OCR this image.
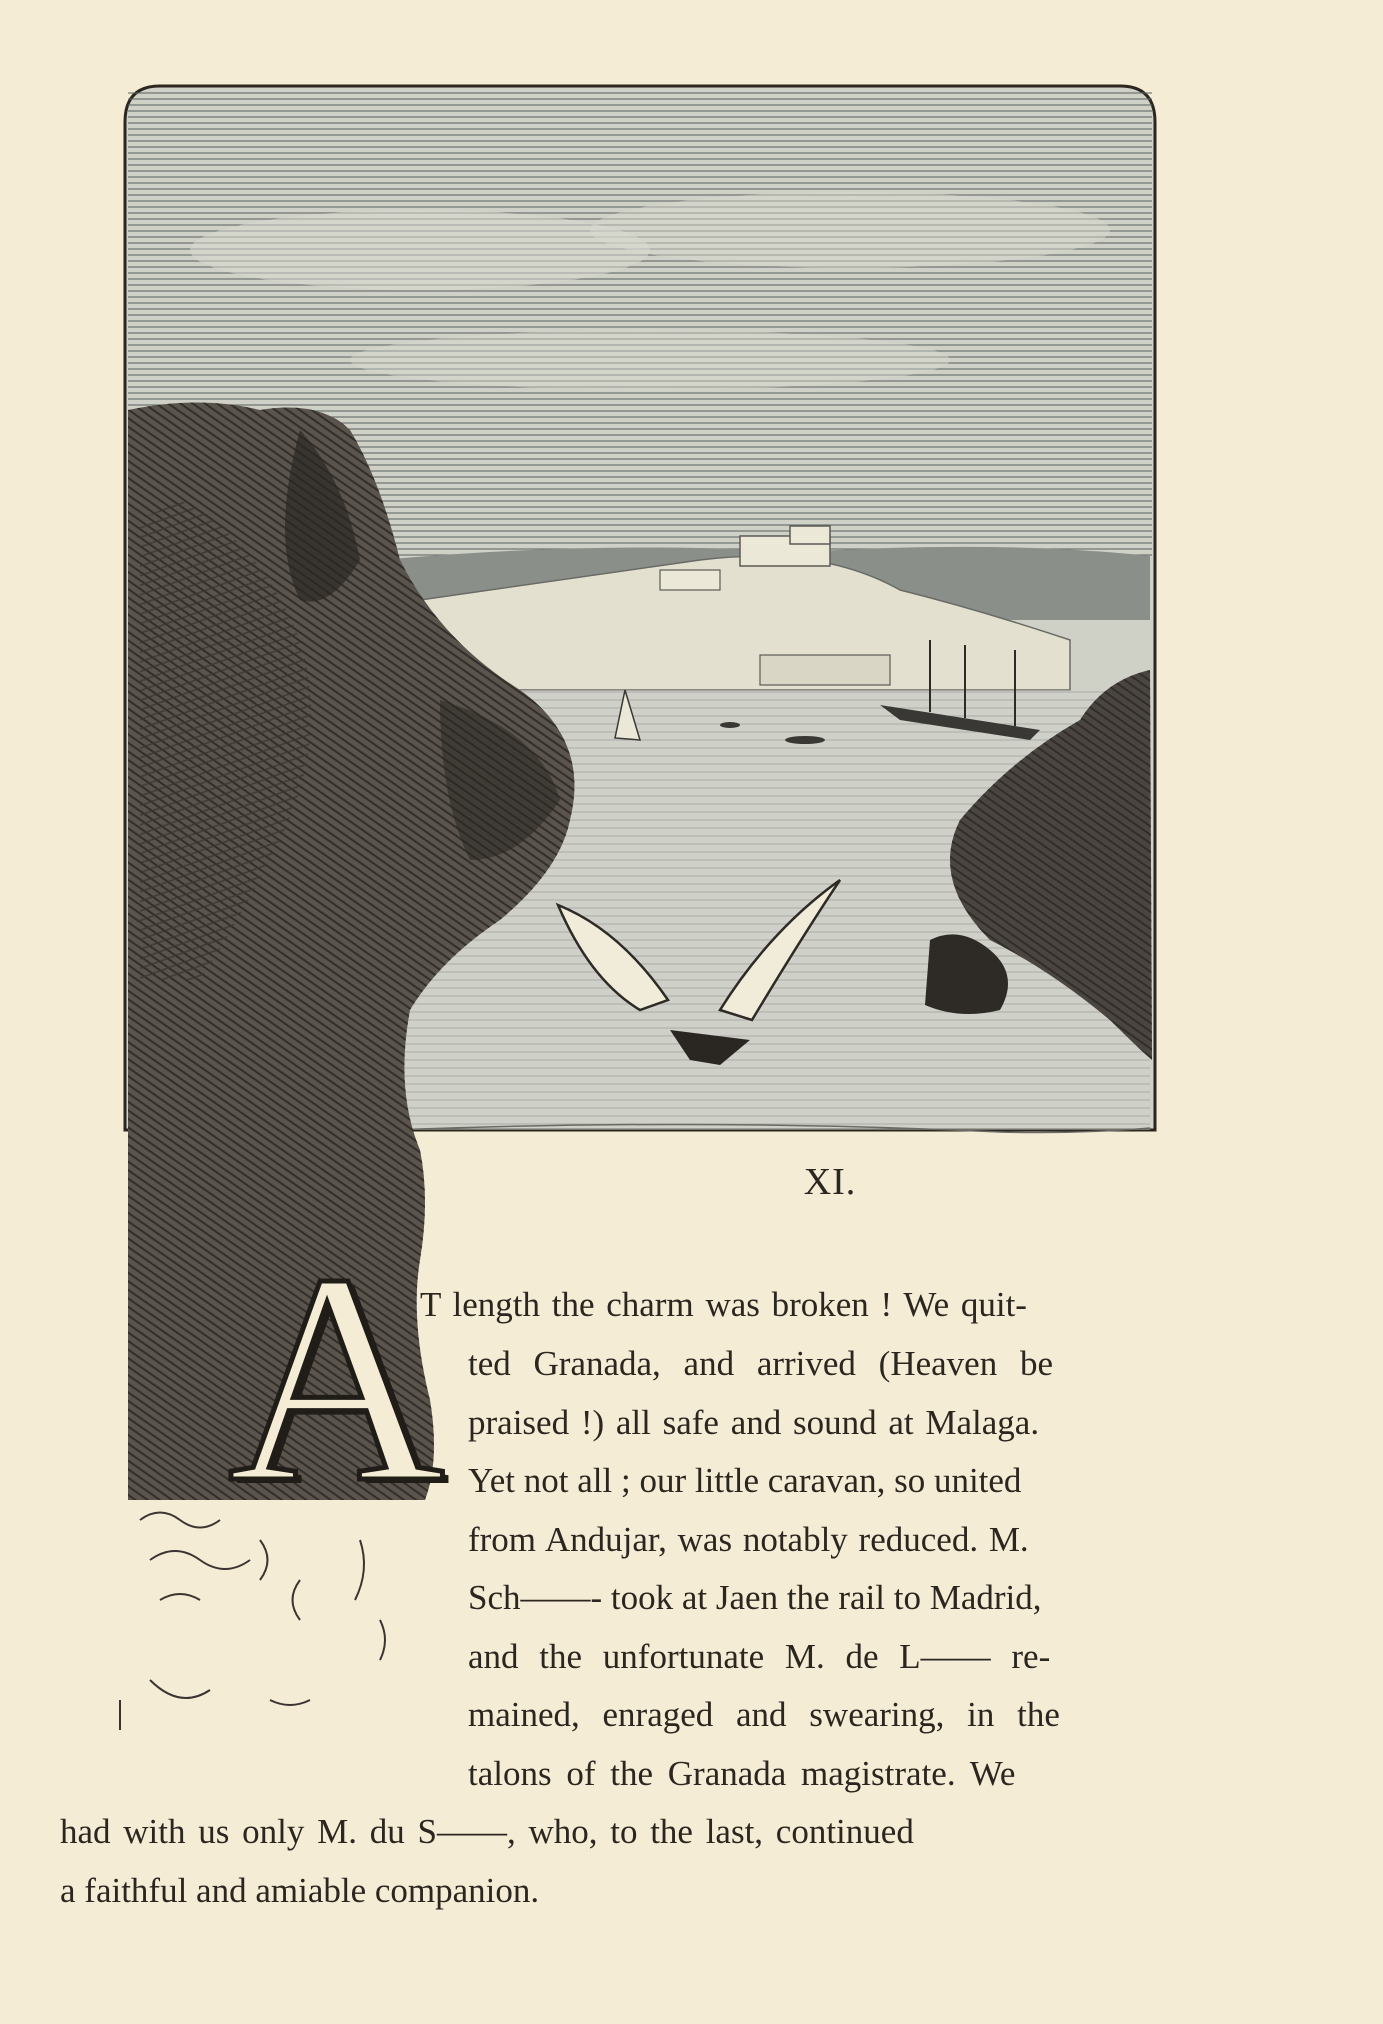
XI.
A
T length the charm was broken ! We quit-
ted Granada, and arrived (Heaven be
praised !) all safe and sound at Malaga.
Yet not all ; our little caravan, so united
from Andujar, was notably reduced. M.
Sch——- took at Jaen the rail to Madrid,
and the unfortunate M. de L—— re-
mained, enraged and swearing, in the
talons of the Granada magistrate. We
had with us only M. du S——, who, to the last, continued
a faithful and amiable companion.
